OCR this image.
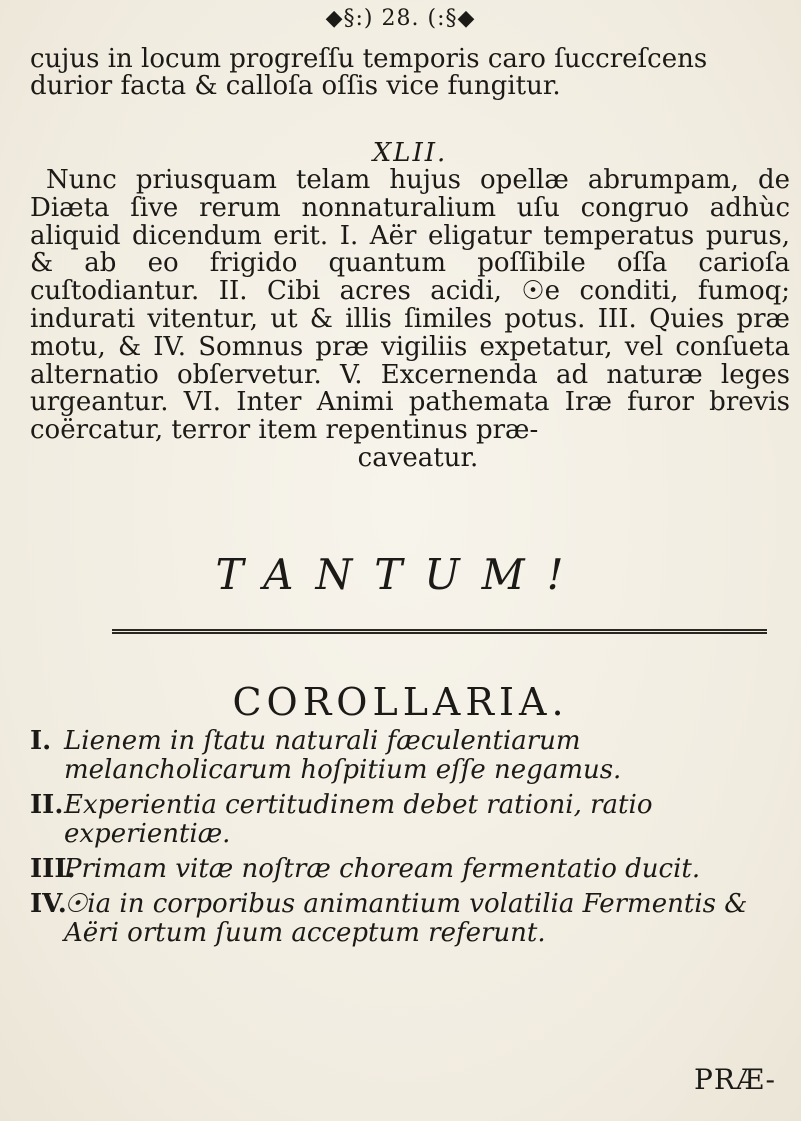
◆§:) 28. (:§◆

cujus in locum progreſſu temporis caro ſuccreſcens durior facta & calloſa oſſis vice fungitur.

XLII.

Nunc priusquam telam hujus opellæ abrumpam, de Diæta ſive rerum nonnaturalium uſu congruo adhùc aliquid dicendum erit. I. Aër eligatur temperatus purus, & ab eo frigido quantum poſſibile oſſa carioſa cuſtodiantur. II. Cibi acres acidi, ☉e conditi, fumoq; indurati vitentur, ut & illis ſimiles potus. III. Quies præ motu, & IV. Somnus præ vigiliis expetatur, vel conſueta alternatio obſervetur. V. Excernenda ad naturæ leges urgeantur. VI. Inter Animi pathemata Iræ furor brevis coërcatur, terror item repentinus præ-
caveatur.

TANTUM!
COROLLARIA.
I. Lienem in ſtatu naturali fæculentiarum melancholicarum hoſpitium eſſe negamus.
II. Experientia certitudinem debet rationi, ratio experientiæ.
III.
Primam vitæ noſtræ choream fermentatio ducit.
IV.
☉ia in corporibus animantium volatilia Fermentis & Aëri ortum ſuum acceptum referunt.
PRÆ-
